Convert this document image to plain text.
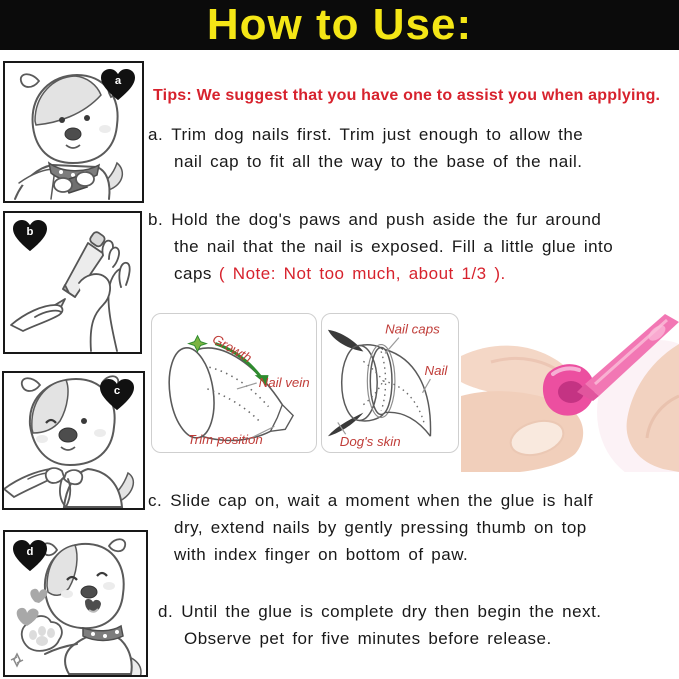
How to Use:
a
b
c
d
Tips: We suggest that you have one to assist you when applying.
a. Trim dog nails first. Trim just enough to allow the
nail cap to fit all the way to the base of the nail.
b. Hold the dog's paws and push aside the fur around
the nail that the nail is exposed. Fill a little glue into
caps ( Note: Not too much, about 1/3 ).
Growth
Nail vein
Trim position
Nail caps
Nail
Dog's skin
c. Slide cap on, wait a moment when the glue is half
dry, extend nails by gently pressing thumb on top
with index finger on bottom of paw.
d. Until the glue is complete dry then begin the next.
Observe pet for five minutes before release.
